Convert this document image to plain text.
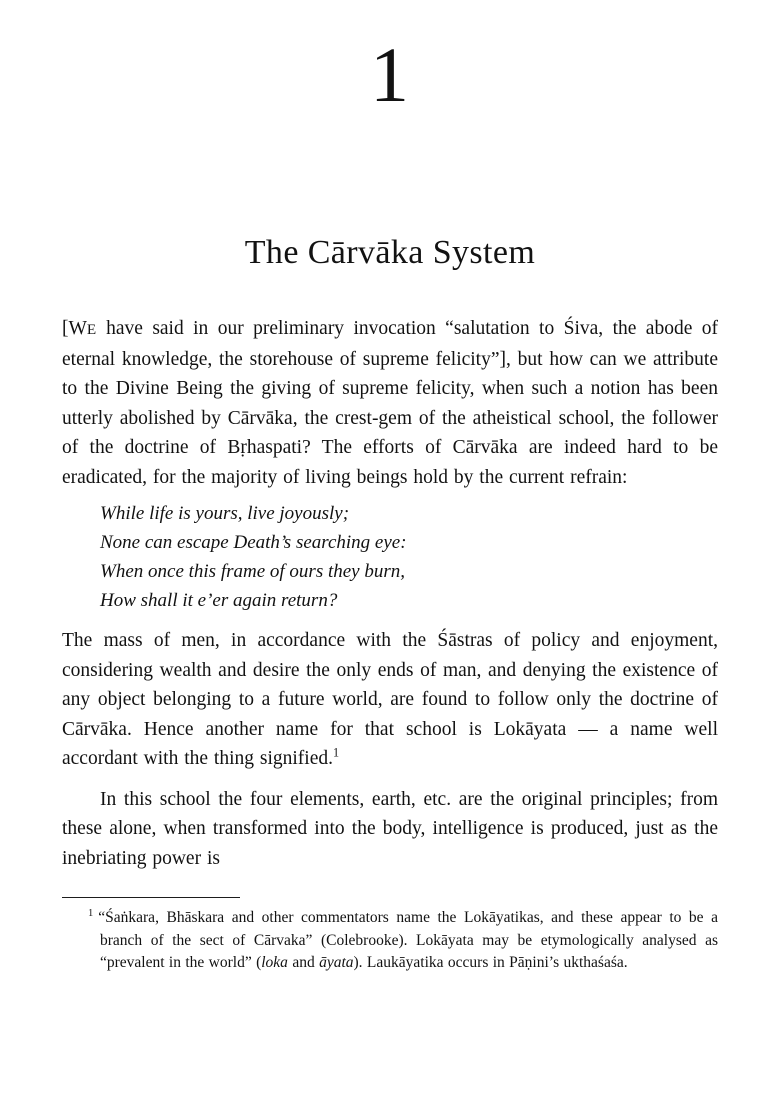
1
The Cārvāka System

[WE have said in our preliminary invocation “salutation to Śiva, the abode of eternal knowledge, the storehouse of supreme felicity”], but how can we attribute to the Divine Being the giving of supreme felicity, when such a notion has been utterly abolished by Cārvāka, the crest-gem of the atheistical school, the follower of the doctrine of Bṛhaspati? The efforts of Cārvāka are indeed hard to be eradicated, for the majority of living beings hold by the current refrain:

While life is yours, live joyously;
None can escape Death’s searching eye:
When once this frame of ours they burn,
How shall it e’er again return?

The mass of men, in accordance with the Śāstras of policy and enjoyment, considering wealth and desire the only ends of man, and denying the existence of any object belonging to a future world, are found to follow only the doctrine of Cārvāka. Hence another name for that school is Lokāyata — a name well accordant with the thing signified.$^1$

In this school the four elements, earth, etc. are the original principles; from these alone, when transformed into the body, intelligence is produced, just as the inebriating power is

$^1$ “Śaṅkara, Bhāskara and other commentators name the Lokāyatikas, and these appear to be a branch of the sect of Cārvaka” (Colebrooke). Lokāyata may be etymologically analysed as “prevalent in the world” (loka and āyata). Laukāyatika occurs in Pāṇini’s ukthaśaśa.
